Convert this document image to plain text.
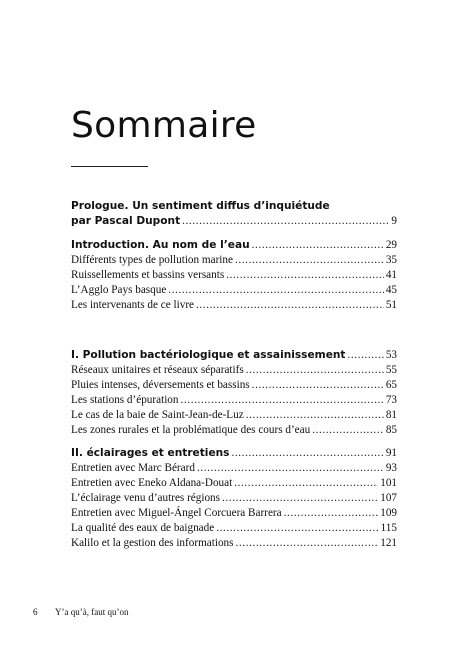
Sommaire
Prologue. Un sentiment diffus d’inquiétude
par Pascal Dupont .....	9
Introduction. Au nom de l’eau .....	29
Différents types de pollution marine .....	35
Ruissellements et bassins versants .....	41
L’Agglo Pays basque .....	45
Les intervenants de ce livre .....	51
I. Pollution bactériologique et assainissement .....	53
Réseaux unitaires et réseaux séparatifs .....	55
Pluies intenses, déversements et bassins .....	65
Les stations d’épuration .....	73
Le cas de la baie de Saint-Jean-de-Luz .....	81
Les zones rurales et la problématique des cours d’eau .....	85
II. éclairages et entretiens .....	91
Entretien avec Marc Bérard .....	93
Entretien avec Eneko Aldana-Douat .....	101
L’éclairage venu d’autres régions .....	107
Entretien avec Miguel-Ángel Corcuera Barrera .....	109
La qualité des eaux de baignade .....	115
Kalilo et la gestion des informations .....	121
6	Y’a qu’à, faut qu’on
